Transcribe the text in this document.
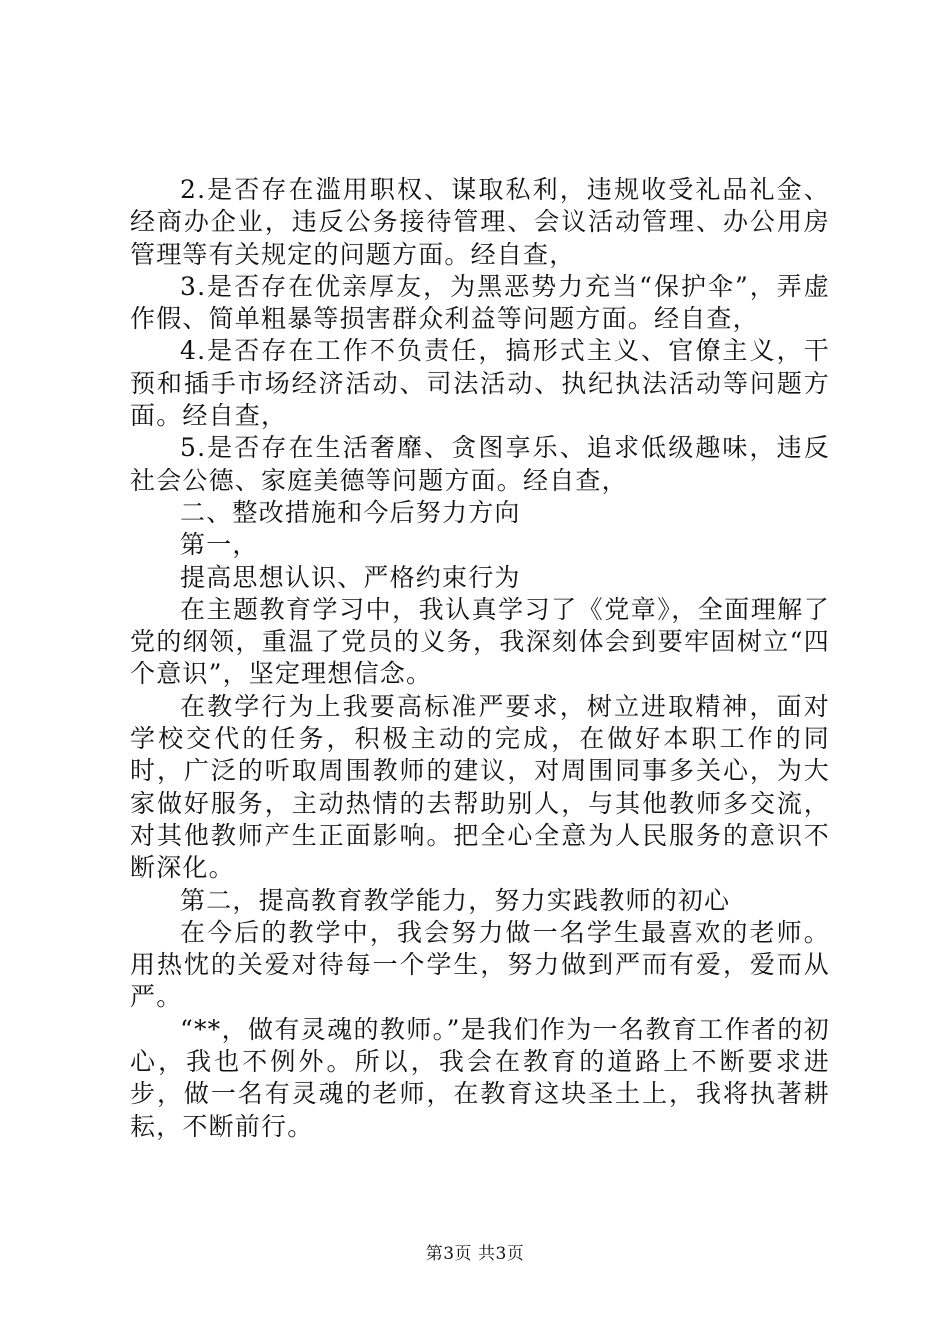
2.是否存在滥用职权、谋取私利，违规收受礼品礼金、经商办企业，违反公务接待管理、会议活动管理、办公用房管理等有关规定的问题方面。经自查，

3.是否存在优亲厚友，为黑恶势力充当“保护伞”，弄虚作假、简单粗暴等损害群众利益等问题方面。经自查，

4.是否存在工作不负责任，搞形式主义、官僚主义，干预和插手市场经济活动、司法活动、执纪执法活动等问题方面。经自查，

5.是否存在生活奢靡、贪图享乐、追求低级趣味，违反社会公德、家庭美德等问题方面。经自查，

二、整改措施和今后努力方向

第一，

提高思想认识、严格约束行为

在主题教育学习中，我认真学习了《党章》，全面理解了党的纲领，重温了党员的义务，我深刻体会到要牢固树立“四个意识”，坚定理想信念。

在教学行为上我要高标准严要求，树立进取精神，面对学校交代的任务，积极主动的完成，在做好本职工作的同时，广泛的听取周围教师的建议，对周围同事多关心，为大家做好服务，主动热情的去帮助别人，与其他教师多交流，对其他教师产生正面影响。把全心全意为人民服务的意识不断深化。

第二，提高教育教学能力，努力实践教师的初心

在今后的教学中，我会努力做一名学生最喜欢的老师。用热忱的关爱对待每一个学生，努力做到严而有爱，爱而从严。

“**，做有灵魂的教师。”是我们作为一名教育工作者的初心，我也不例外。所以，我会在教育的道路上不断要求进步，做一名有灵魂的老师，在教育这块圣土上，我将执著耕耘，不断前行。

第3页 共3页
